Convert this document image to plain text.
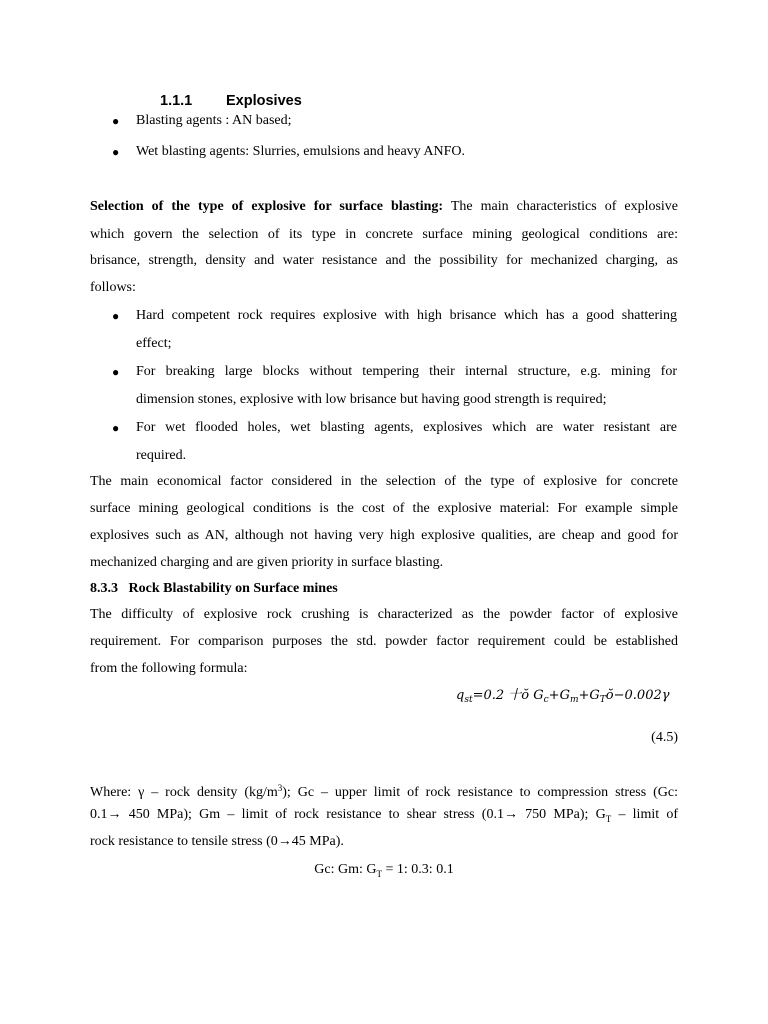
1.1.1 Explosives
● Blasting agents : AN based;
● Wet blasting agents: Slurries, emulsions and heavy ANFO.
Selection of the type of explosive for surface blasting: The main characteristics of explosive
which govern the selection of its type in concrete surface mining geological conditions are:
brisance, strength, density and water resistance and the possibility for mechanized charging, as
follows:
● Hard competent rock requires explosive with high brisance which has a good shattering
effect;
● For breaking large blocks without tempering their internal structure, e.g. mining for
dimension stones, explosive with low brisance but having good strength is required;
● For wet flooded holes, wet blasting agents, explosives which are water resistant are
required.
The main economical factor considered in the selection of the type of explosive for concrete
surface mining geological conditions is the cost of the explosive material: For example simple
explosives such as AN, although not having very high explosive qualities, are cheap and good for
mechanized charging and are given priority in surface blasting.
8.3.3   Rock Blastability on Surface mines
The difficulty of explosive rock crushing is characterized as the powder factor of explosive
requirement. For comparison purposes the std. powder factor requirement could be established
from the following formula:
$q_{st}=0.2$ 十ŏ $G_c+G_m+G_Tŏ-0.002\gamma$
(4.5)
Where: γ – rock density $(kg/m^3)$; Gc – upper limit of rock resistance to compression stress (Gc:
0.1→ 450 MPa); Gm – limit of rock resistance to shear stress (0.1→ 750 MPa); $G_T$ – limit of
rock resistance to tensile stress (0→45 MPa).
Gc: Gm: $G_T = 1$: 0.3: 0.1
